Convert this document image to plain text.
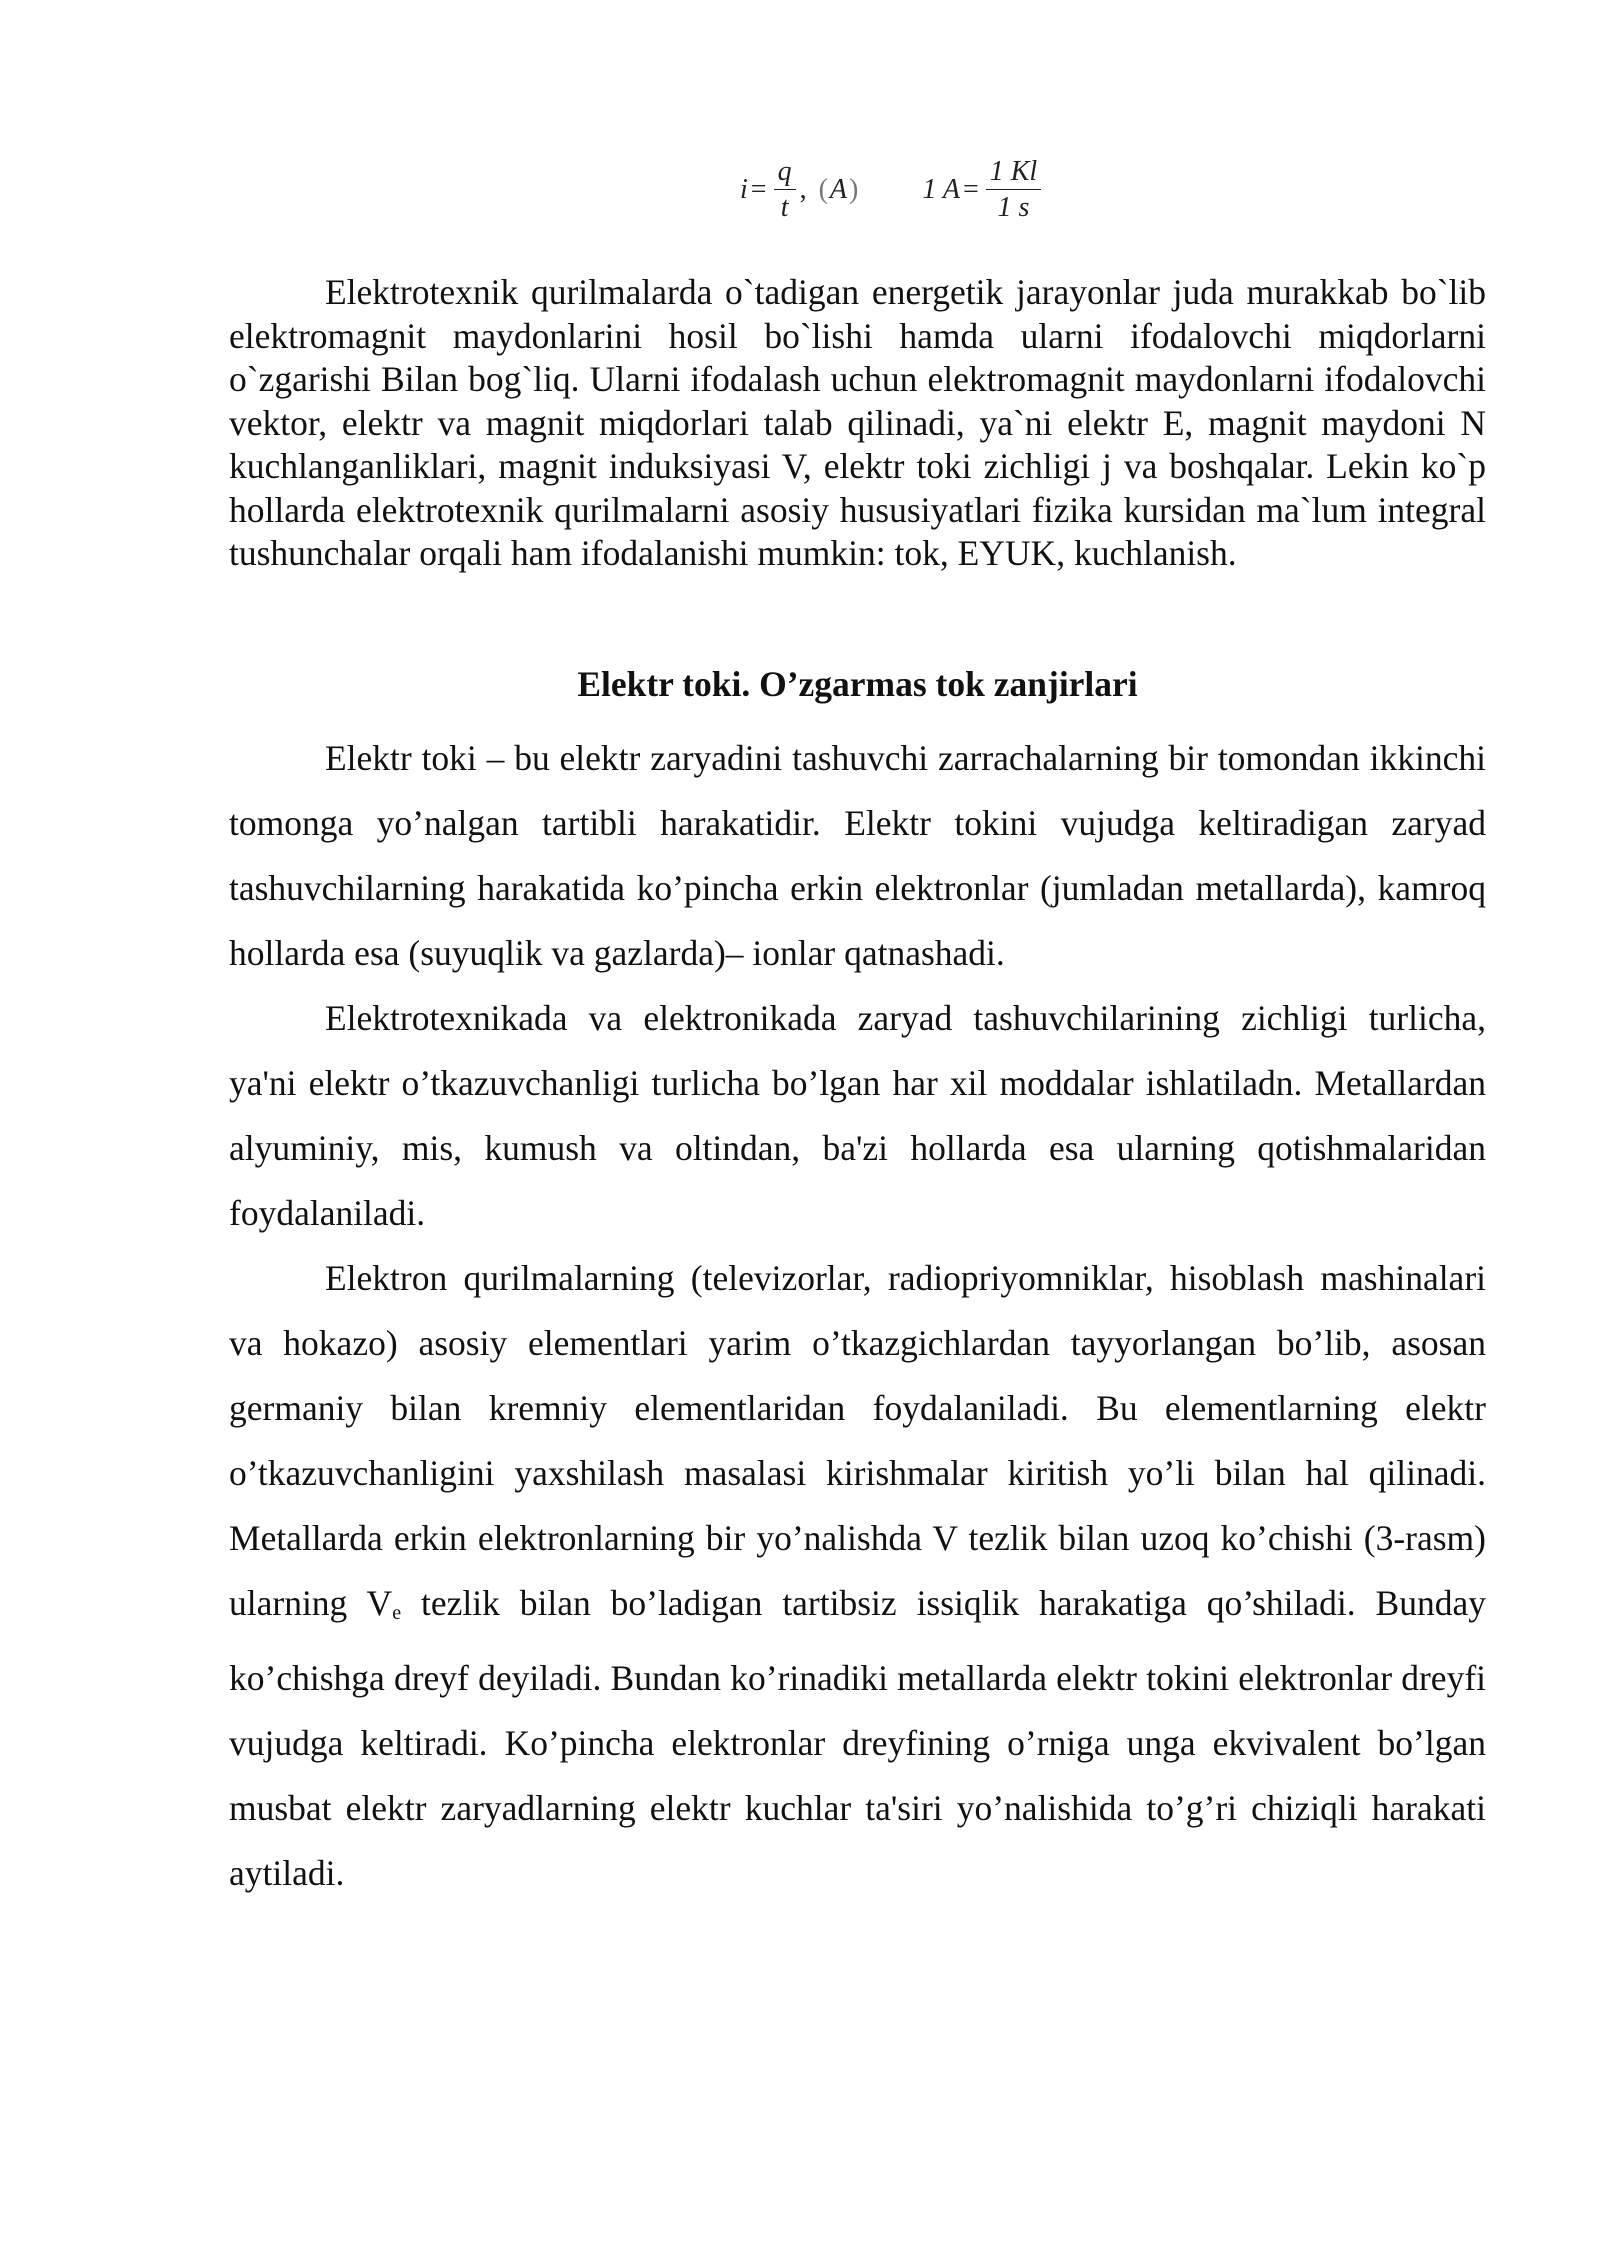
$i = \frac{q}{t}$ , ( A ) 1 $A = \frac{1 Kl}{1 s}$
Elektrotexnik qurilmalarda o`tadigan energetik jarayonlar juda murakkab bo`lib elektromagnit maydonlarini hosil bo`lishi hamda ularni ifodalovchi miqdorlarni o`zgarishi Bilan bog`liq. Ularni ifodalash uchun elektromagnit maydonlarni ifodalovchi vektor, elektr va magnit miqdorlari talab qilinadi, ya`ni elektr E, magnit maydoni N kuchlanganliklari, magnit induksiyasi V, elektr toki zichligi j va boshqalar. Lekin ko`p hollarda elektrotexnik qurilmalarni asosiy hususiyatlari fizika kursidan ma`lum integral tushunchalar orqali ham ifodalanishi mumkin: tok, EYUK, kuchlanish.
Elektr toki. O’zgarmas tok zanjirlari

Elektr toki – bu elektr zaryadini tashuvchi zarrachalarning bir tomondan ikkinchi tomonga yo’nalgan tartibli harakatidir. Elektr tokini vujudga keltiradigan zaryad tashuvchilarning harakatida ko’pincha erkin elektronlar (jumladan metallarda), kamroq hollarda esa (suyuqlik va gazlarda)– ionlar qatnashadi.

Elektrotexnikada va elektronikada zaryad tashuvchilarining zichligi turlicha, ya'ni elektr o’tkazuvchanligi turlicha bo’lgan har xil moddalar ishlatiladn. Metallardan alyuminiy, mis, kumush va oltindan, ba'zi hollarda esa ularning qotishmalaridan foydalaniladi.

Elektron qurilmalarning (televizorlar, radiopriyomniklar, hisoblash mashinalari va hokazo) asosiy elementlari yarim o’tkazgichlardan tayyorlangan bo’lib, asosan germaniy bilan kremniy elementlaridan foydalaniladi. Bu elementlarning elektr o’tkazuvchanligini yaxshilash masalasi kirishmalar kiritish yo’li bilan hal qilinadi. Metallarda erkin elektronlarning bir yo’nalishda V tezlik bilan uzoq ko’chishi (3-rasm) ularning $V_e$ tezlik bilan bo’ladigan tartibsiz issiqlik harakatiga qo’shiladi. Bunday ko’chishga dreyf deyiladi. Bundan ko’rinadiki metallarda elektr tokini elektronlar dreyfi vujudga keltiradi. Ko’pincha elektronlar dreyfining o’rniga unga ekvivalent bo’lgan musbat elektr zaryadlarning elektr kuchlar ta'siri yo’nalishida to’g’ri chiziqli harakati aytiladi.
